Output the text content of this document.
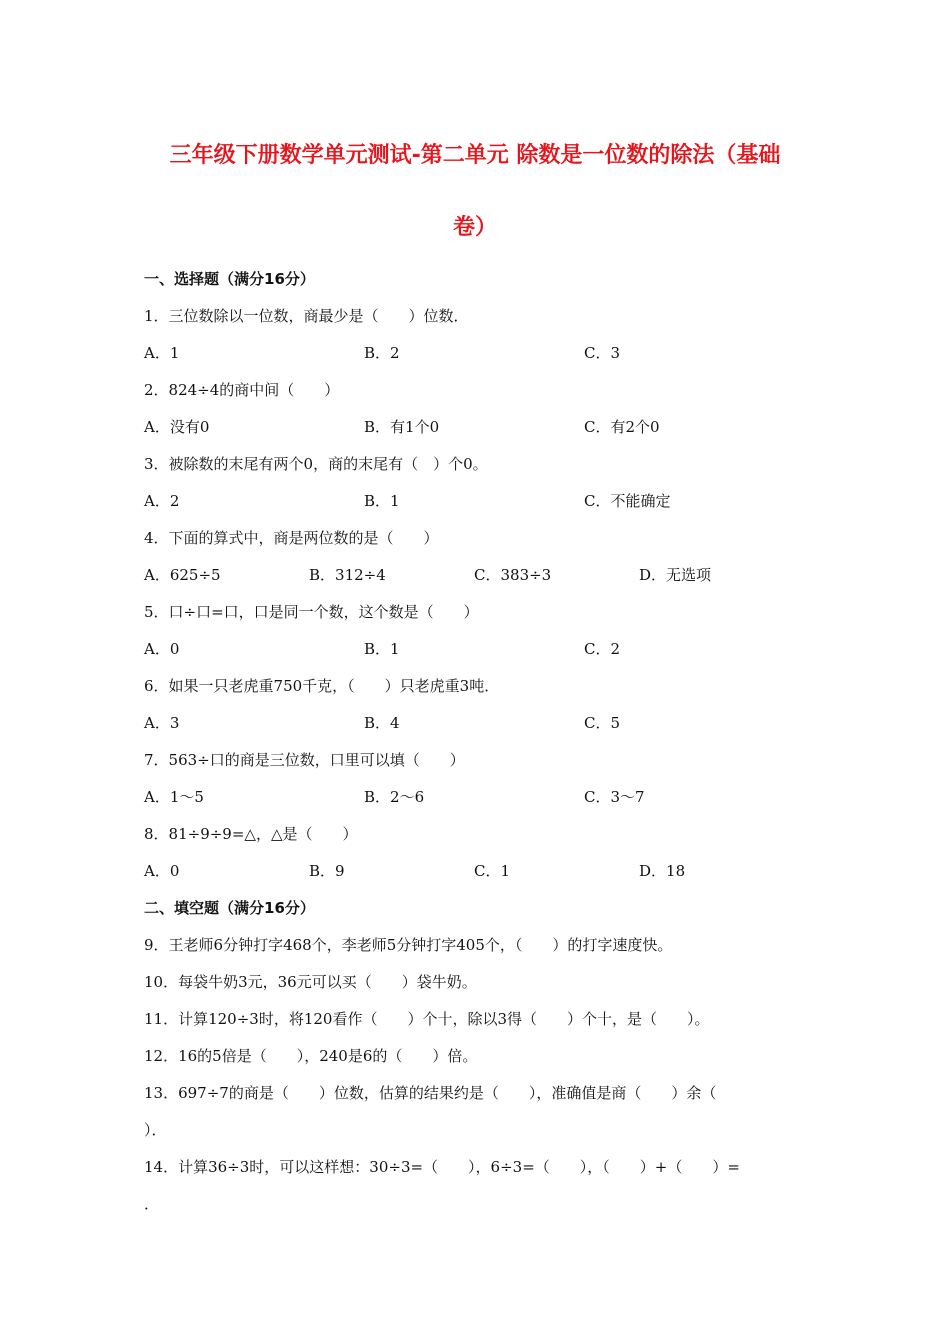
三年级下册数学单元测试-第二单元 除数是一位数的除法（基础
卷）
一、选择题（满分16分）
1．三位数除以一位数，商最少是（　　）位数．
A．1	B．2	C．3
2．824÷4的商中间（　　）
A．没有0	B．有1个0	C．有2个0
3．被除数的末尾有两个0，商的末尾有（　）个0。
A．2	B．1	C．不能确定
4．下面的算式中，商是两位数的是（　　）
A．625÷5	B．312÷4	C．383÷3	D．无选项
5．口÷口=口，口是同一个数，这个数是（　　）
A．0	B．1	C．2
6．如果一只老虎重750千克，（　　）只老虎重3吨．
A．3	B．4	C．5
7．563÷口的商是三位数，口里可以填（　　）
A．1～5	B．2～6	C．3～7
8．81÷9÷9=△，△是（　　）
A．0	B．9	C．1	D．18
二、填空题（满分16分）
9．王老师6分钟打字468个，李老师5分钟打字405个，（　　）的打字速度快。
10．每袋牛奶3元，36元可以买（　　）袋牛奶。
11．计算120÷3时，将120看作（　　）个十，除以3得（　　）个十，是（　　）。
12．16的5倍是（　　），240是6的（　　）倍。
13．697÷7的商是（　　）位数，估算的结果约是（　　），准确值是商（　　）余（
）．
14．计算36÷3时，可以这样想：30÷3=（　　），6÷3=（　　），（　　）+（　　）=
．
